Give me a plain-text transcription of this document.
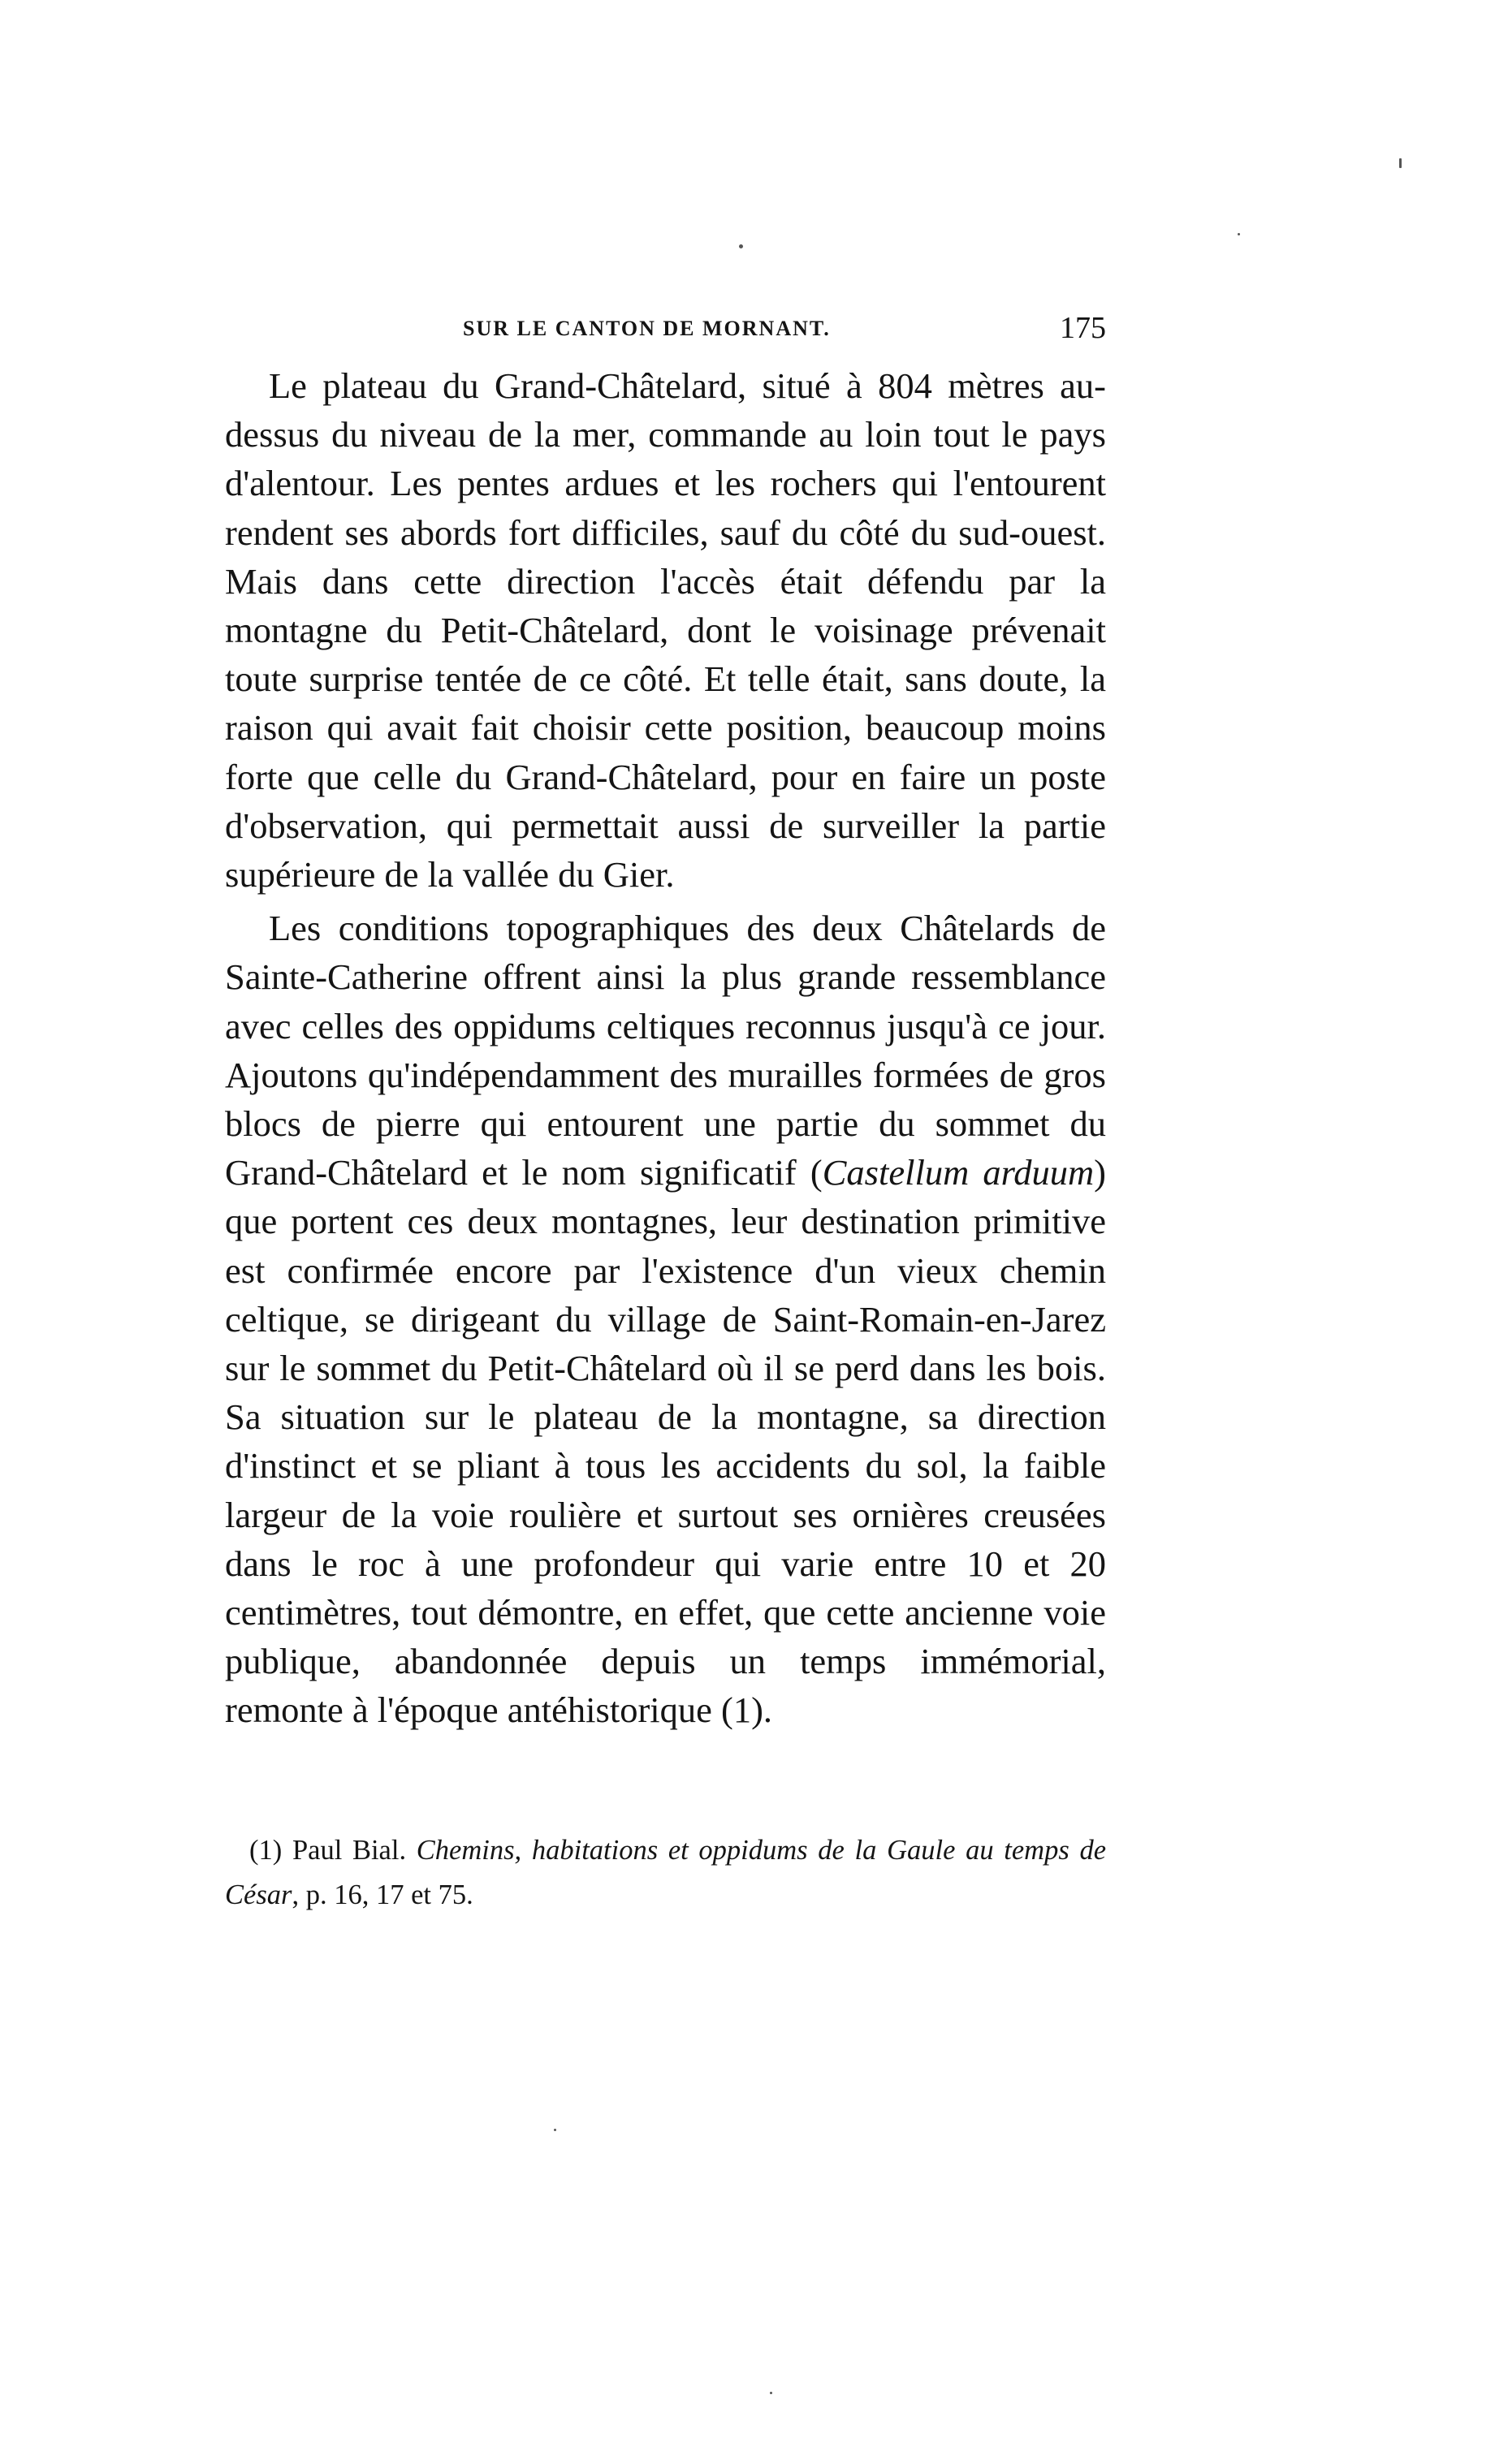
SUR LE CANTON DE MORNANT.	175

Le plateau du Grand-Châtelard, situé à 804 mètres au-dessus du niveau de la mer, commande au loin tout le pays d'alentour. Les pentes ardues et les rochers qui l'entourent rendent ses abords fort difficiles, sauf du côté du sud-ouest. Mais dans cette direction l'accès était défendu par la montagne du Petit-Châtelard, dont le voisinage prévenait toute surprise tentée de ce côté. Et telle était, sans doute, la raison qui avait fait choisir cette position, beaucoup moins forte que celle du Grand-Châtelard, pour en faire un poste d'observation, qui permettait aussi de surveiller la partie supérieure de la vallée du Gier.

Les conditions topographiques des deux Châtelards de Sainte-Catherine offrent ainsi la plus grande ressemblance avec celles des oppidums celtiques reconnus jusqu'à ce jour. Ajoutons qu'indépendamment des murailles formées de gros blocs de pierre qui entourent une partie du sommet du Grand-Châtelard et le nom significatif (Castellum arduum) que portent ces deux montagnes, leur destination primitive est confirmée encore par l'existence d'un vieux chemin celtique, se dirigeant du village de Saint-Romain-en-Jarez sur le sommet du Petit-Châtelard où il se perd dans les bois. Sa situation sur le plateau de la montagne, sa direction d'instinct et se pliant à tous les accidents du sol, la faible largeur de la voie roulière et surtout ses ornières creusées dans le roc à une profondeur qui varie entre 10 et 20 centimètres, tout démontre, en effet, que cette ancienne voie publique, abandonnée depuis un temps immémorial, remonte à l'époque antéhistorique (1).

(1) Paul Bial. Chemins, habitations et oppidums de la Gaule au temps de César, p. 16, 17 et 75.
